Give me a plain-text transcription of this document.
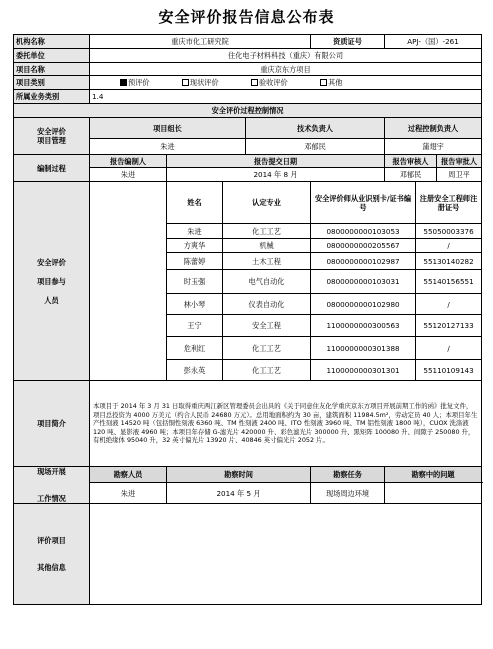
安全评价报告信息公布表
机构名称	重庆市化工研究院				资质证号	APJ-（国）-261			
委托单位	住化电子材料科技（重庆）有限公司								
项目名称	重庆京东方项目								
项目类别	预评价 现状评价 验收评价 其他								
所属业务类别	1.4								
安全评价过程控制情况									

安全评价
项目管理	项目组长			技术负责人		过程控制负责人			
	朱进			邓郁民		蒲翅宇			
编制过程	报告编制人	报告提交日期				报告审核人		报告审批人	
	朱进	2014 年 8 月				邓郁民		周卫平	

安全评价
项目参与
人员		姓名	认定专业		安全评价师从业识别卡/证书编号		注册安全工程师注册证号	
		朱进	化工工艺		0800000000103053		55050003376	
		方爽华	机械		0800000000205567		/	
		陈蕾婷	土木工程		0800000000102987		55130140282	
		时玉强	电气自动化		0800000000103031		55140156551	
		林小琴	仪表自动化		0800000000102980		/	
		王宁	安全工程		1100000000300563		55120127133	
		危利红	化工工艺		1100000000301388		/	
		彭永英	化工工艺		1100000000301301		55110109143	
项目简介	本项目于 2014 年 3 月 31 日取得重庆两江新区管理委员会出具的《关于同意住友化学重庆京东方项目开展前期工作的函》批复文件，项目总投资为 4000 万美元（约合人民币 24680 万元）。总用地面积约为 30 亩，建筑面积 11984.5m²，劳动定员 40 人；本项目年生产性刻液 14520 吨（包括铜性刻液 6360 吨、TM 性刻液 2400 吨、ITO 性刻液 3960 吨、TM 铝性刻液 1800 吨），CUOX 洗涤液 120 吨、显影液 4960 吨；本项目年存储 G-滤光片 420000 升、彩色滤光片 300000 升、黑矩阵 100080 升、间隙子 250080 升，有机绝缘体 95040 升，32 英寸偏光片 13920 片、40846 英寸偏光片 2052 片。								

现场开展
工作情况	勘察人员	勘察时间			勘察任务	勘察中的问题			
	朱进	2014 年 5 月			现场周边环境				

评价项目
其他信息									
